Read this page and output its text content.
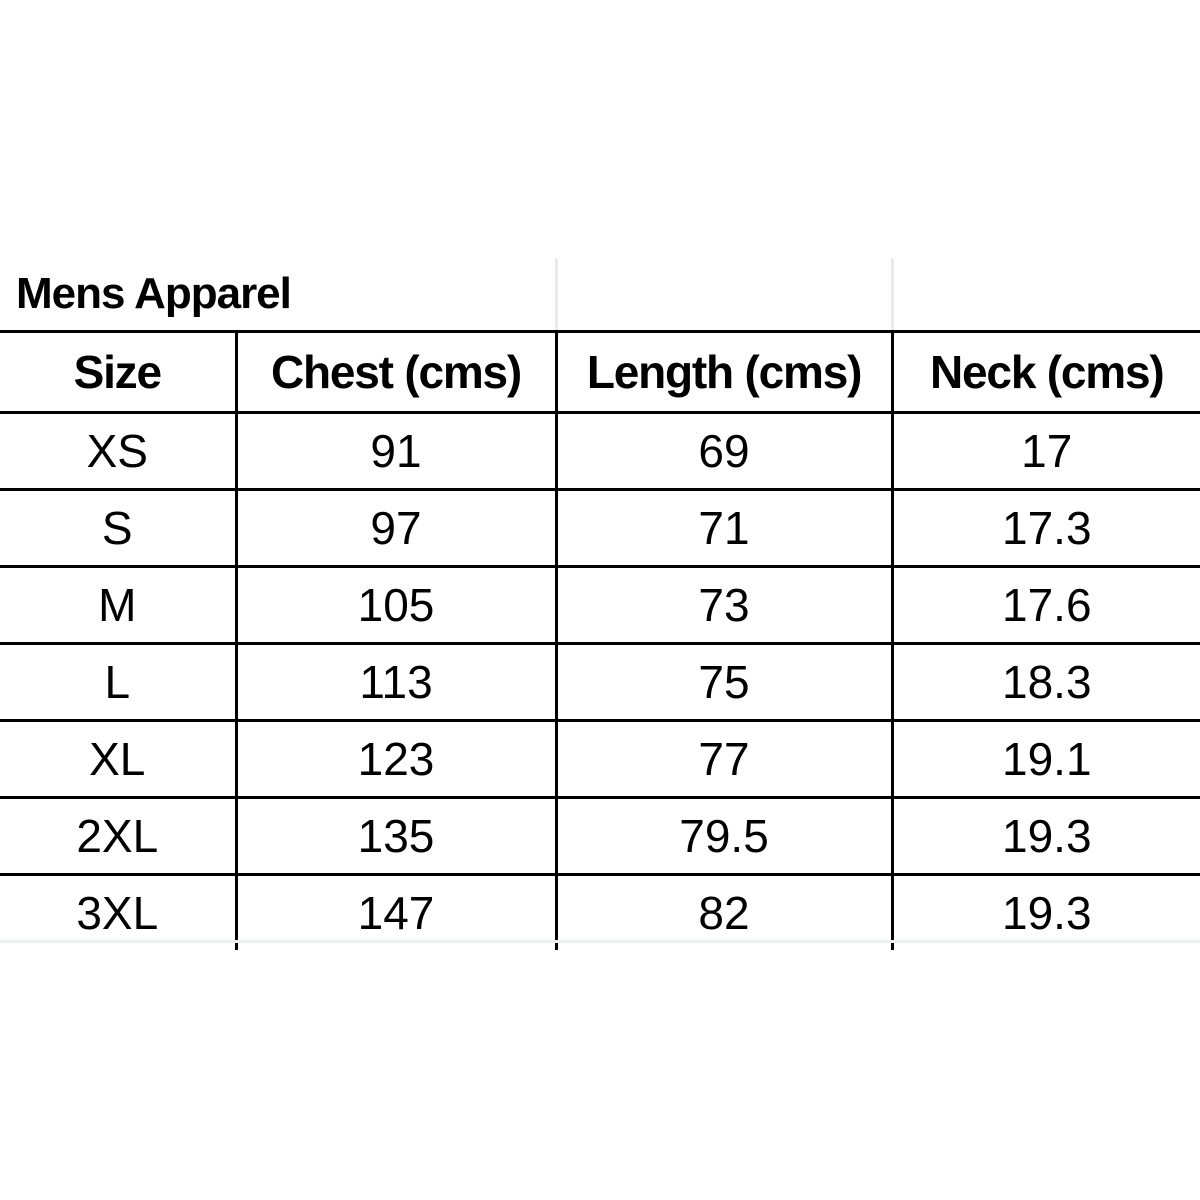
Mens Apparel			
Size	Chest (cms)	Length (cms)	Neck (cms)
XS	91	69	17
S	97	71	17.3
M	105	73	17.6
L	113	75	18.3
XL	123	77	19.1
2XL	135	79.5	19.3
3XL	147	82	19.3
